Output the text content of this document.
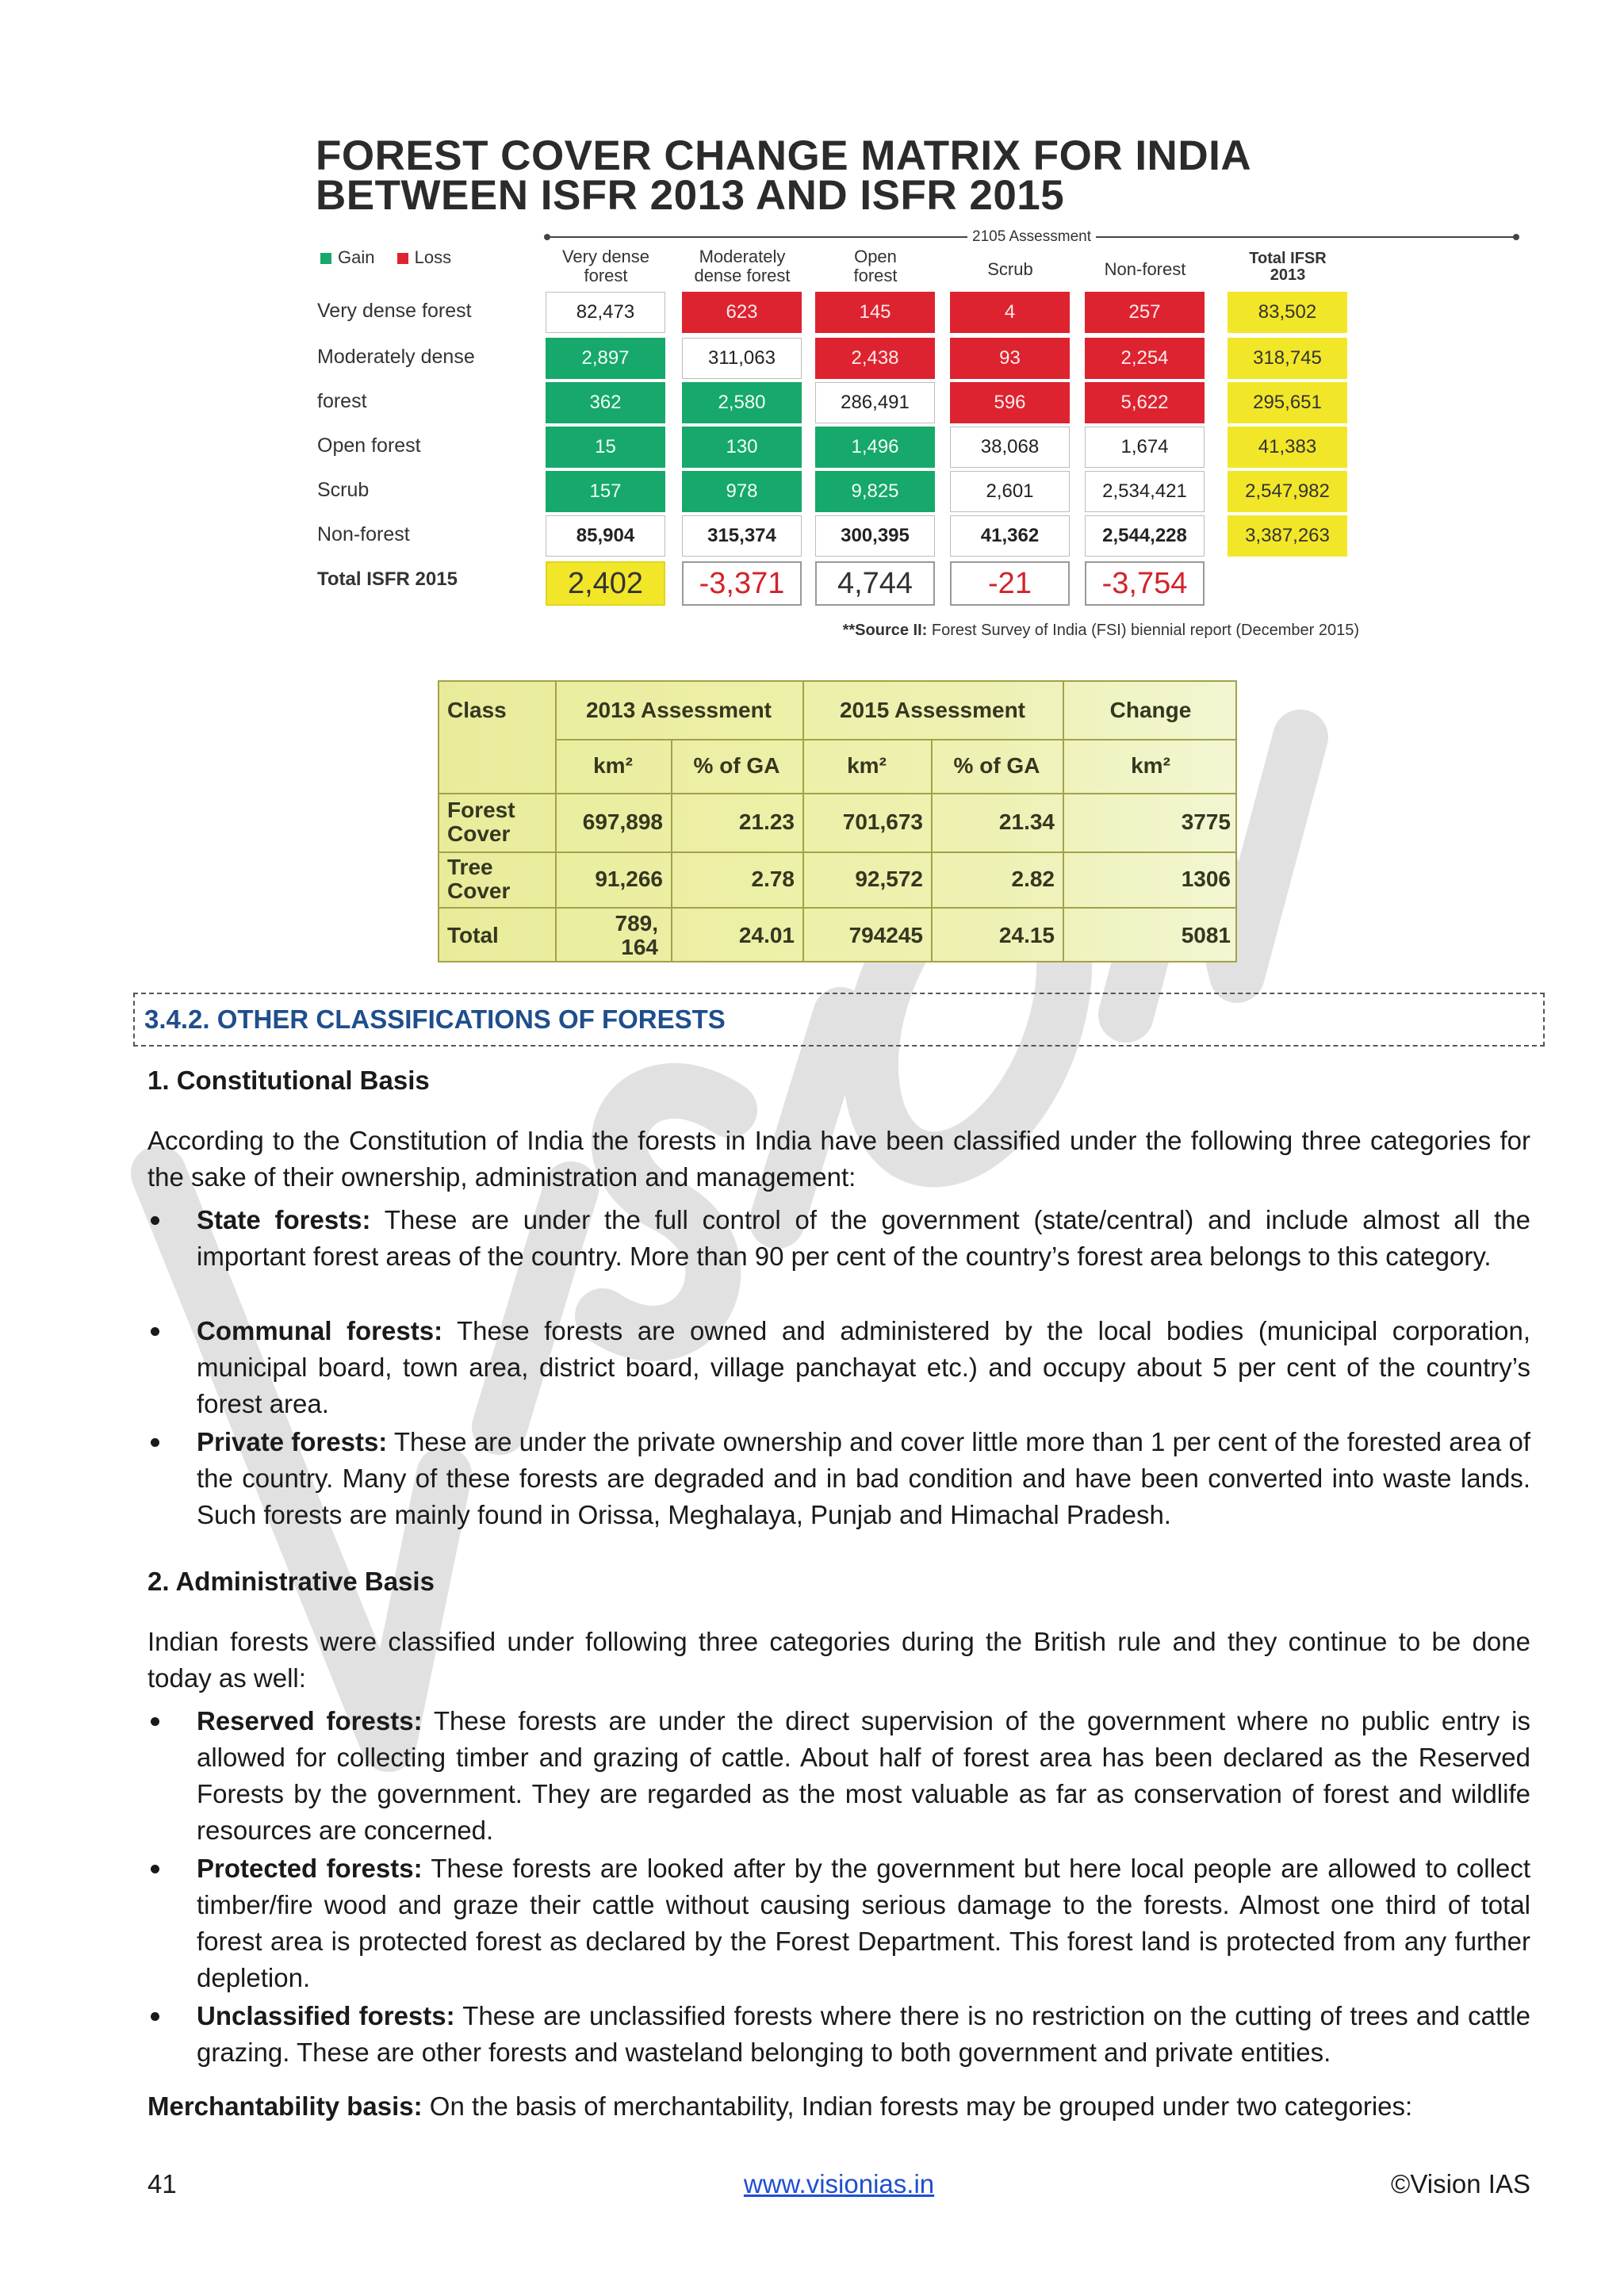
FOREST COVER CHANGE MATRIX FOR INDIA
BETWEEN ISFR 2013 AND ISFR 2015
2105 Assessment
Gain Loss	Very dense
forest
Moderately
dense forest
Open
forest	Scrub	Non-forest
Total IFSR
2013
Very dense forest	82,473	623	145	4	257	83,502
Moderately dense	2,897	311,063	2,438	93	2,254	318,745
forest	362	2,580	286,491	596	5,622	295,651
Open forest	15	130	1,496	38,068	1,674	41,383
Scrub	157	978	9,825	2,601	2,534,421	2,547,982
Non-forest	85,904	315,374	300,395	41,362	2,544,228	3,387,263
Total ISFR 2015	2,402	-3,371	4,744	-21	-3,754
**Source II: Forest Survey of India (FSI) biennial report (December 2015)
Class	2013 Assessment	2015 Assessment	Change
km²	% of GA	km²	% of GA	km²
Forest Cover	697,898	21.23	701,673	21.34	3775
Tree Cover	91,266	2.78	92,572	2.82	1306
Total	789, 164	24.01	794245	24.15	5081
3.4.2. OTHER CLASSIFICATIONS OF FORESTS
1. Constitutional Basis
According to the Constitution of India the forests in India have been classified under the following three categories for the sake of their ownership, administration and management:
State forests: These are under the full control of the government (state/central) and include almost all the important forest areas of the country. More than 90 per cent of the country’s forest area belongs to this category.
Communal forests: These forests are owned and administered by the local bodies (municipal corporation, municipal board, town area, district board, village panchayat etc.) and occupy about 5 per cent of the country’s forest area.
Private forests: These are under the private ownership and cover little more than 1 per cent of the forested area of the country. Many of these forests are degraded and in bad condition and have been converted into waste lands. Such forests are mainly found in Orissa, Meghalaya, Punjab and Himachal Pradesh.
2. Administrative Basis
Indian forests were classified under following three categories during the British rule and they continue to be done today as well:
Reserved forests: These forests are under the direct supervision of the government where no public entry is allowed for collecting timber and grazing of cattle. About half of forest area has been declared as the Reserved Forests by the government. They are regarded as the most valuable as far as conservation of forest and wildlife resources are concerned.
Protected forests: These forests are looked after by the government but here local people are allowed to collect timber/fire wood and graze their cattle without causing serious damage to the forests. Almost one third of total forest area is protected forest as declared by the Forest Department. This forest land is protected from any further depletion.
Unclassified forests: These are unclassified forests where there is no restriction on the cutting of trees and cattle grazing. These are other forests and wasteland belonging to both government and private entities.
Merchantability basis: On the basis of merchantability, Indian forests may be grouped under two categories:
41	www.visionias.in	©Vision IAS
